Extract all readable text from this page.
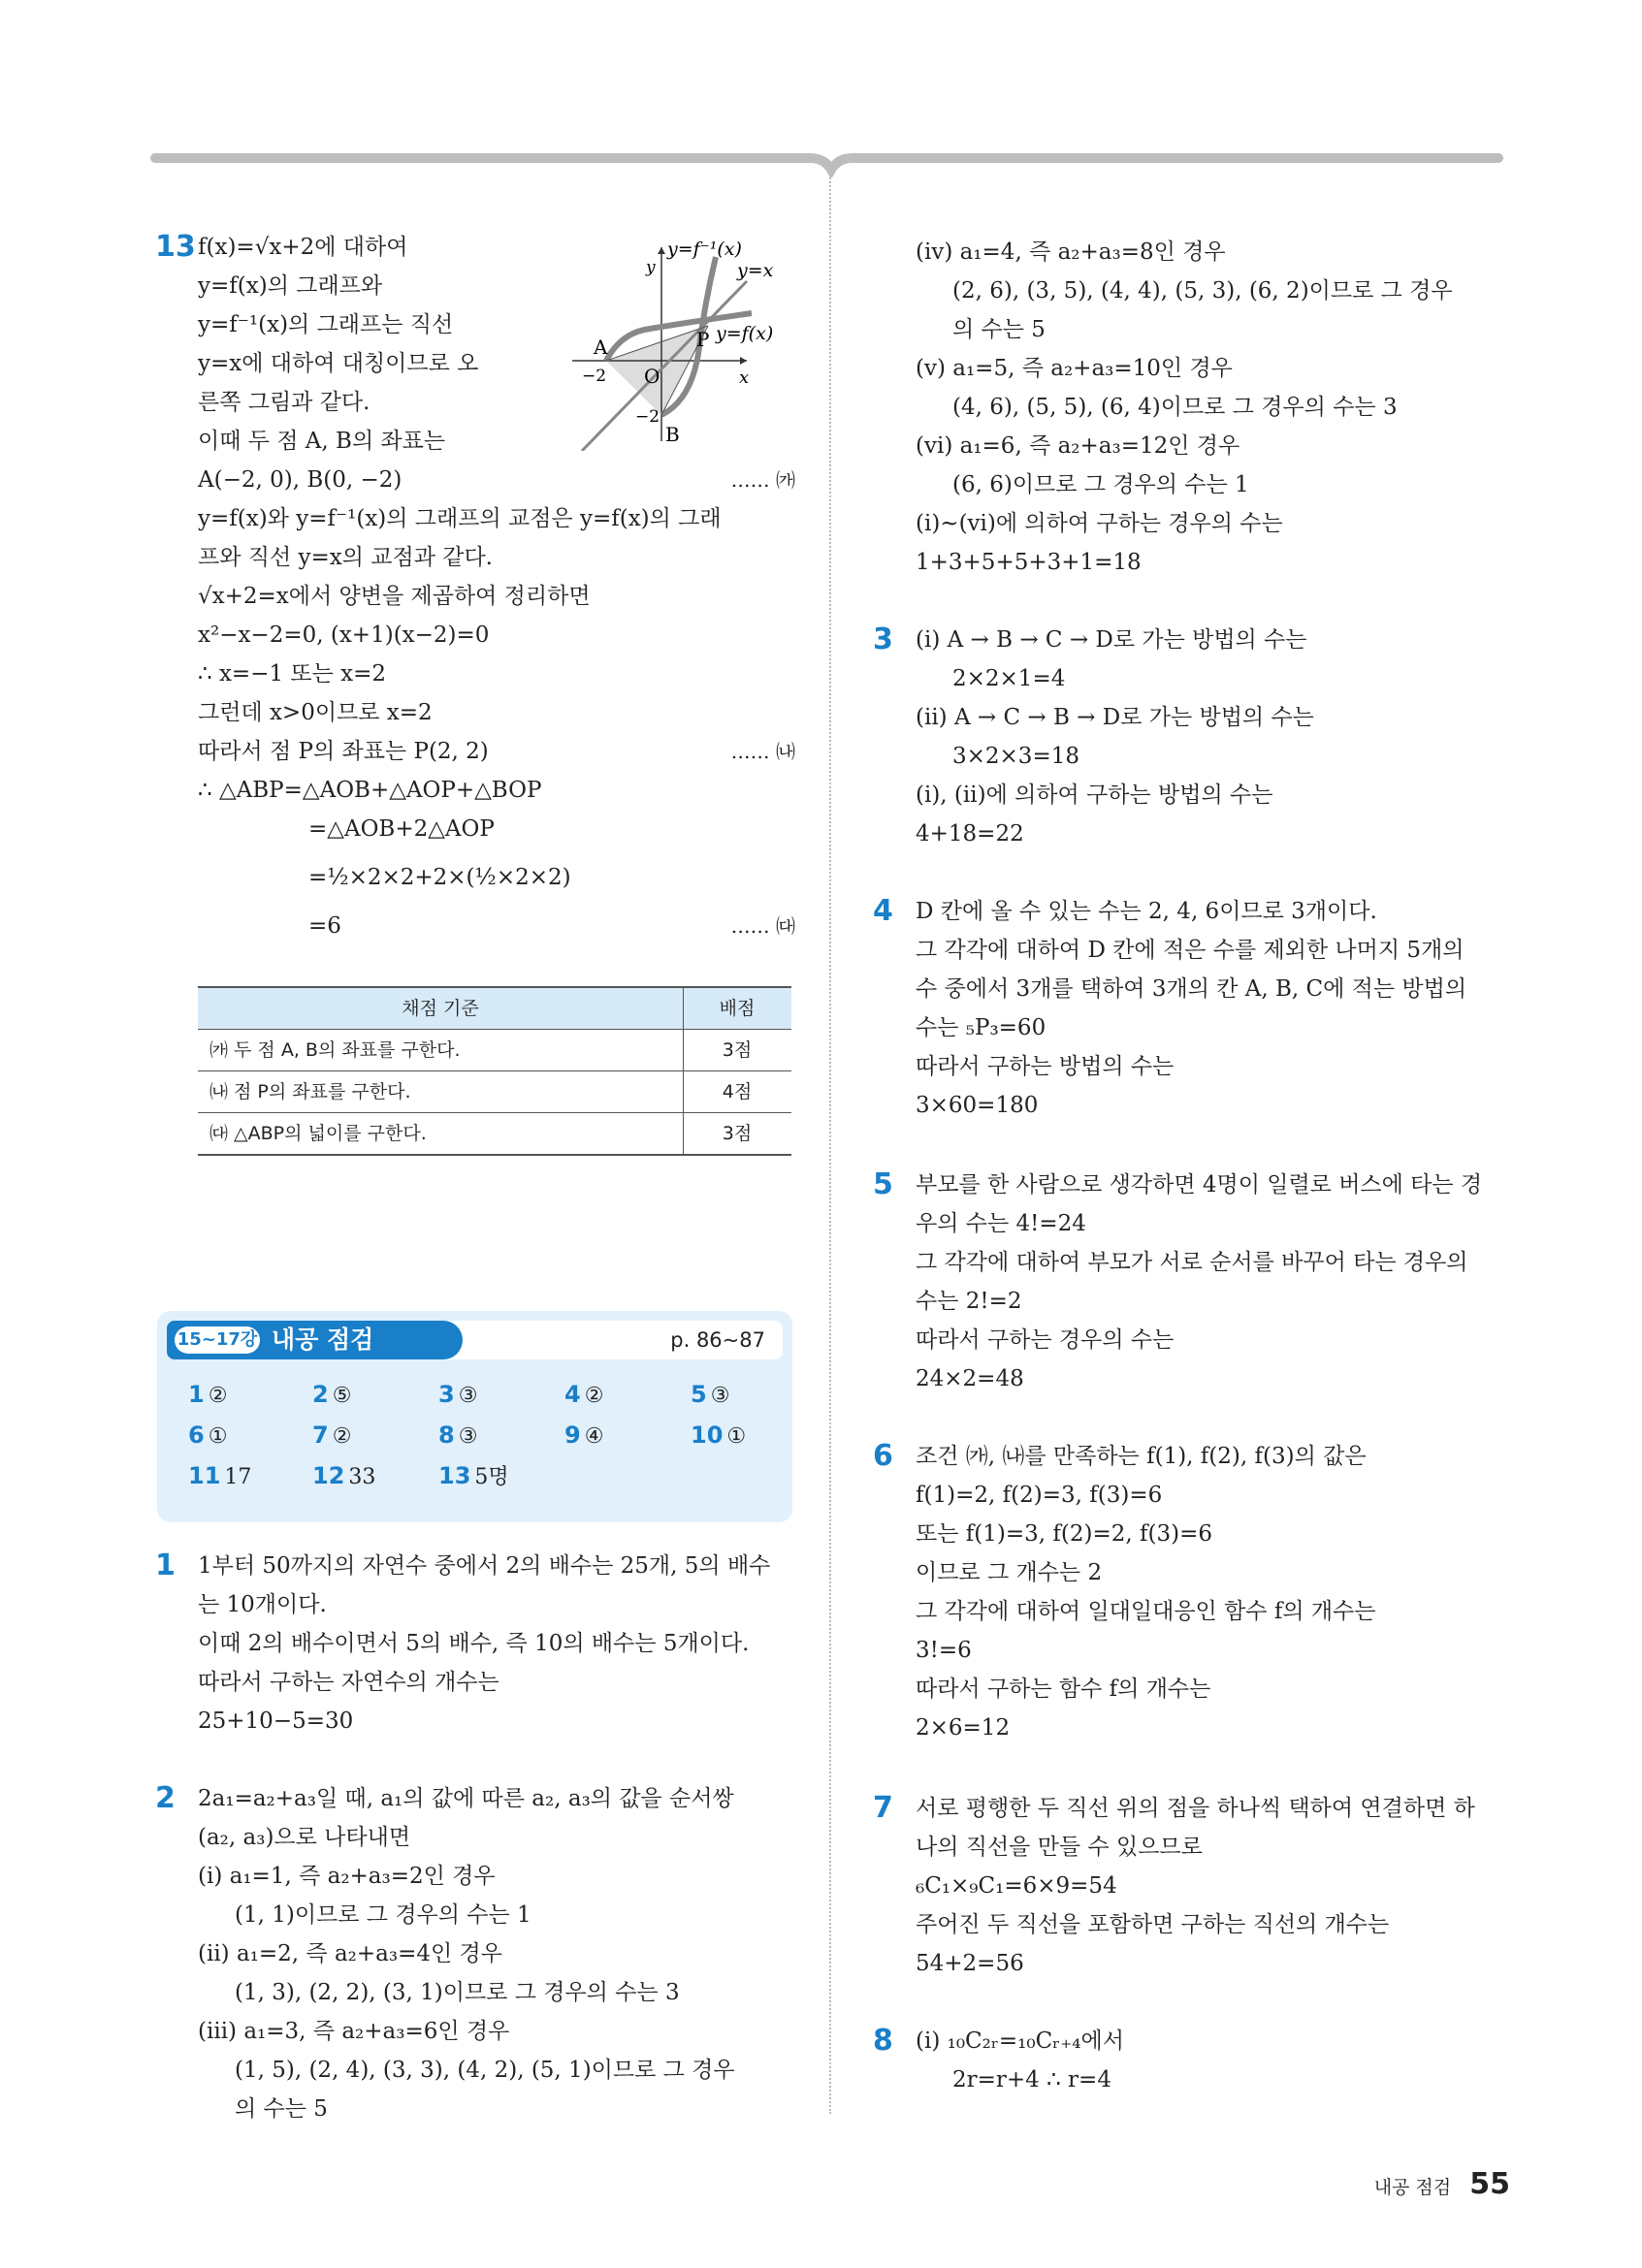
13 f(x)=√x+2에 대하여
y=f(x)의 그래프와
y=f⁻¹(x)의 그래프는 직선
y=x에 대하여 대칭이므로 오
른쪽 그림과 같다.
이때 두 점 A, B의 좌표는
A(−2, 0), B(0, −2)	…… ㈎
y=f(x)와 y=f⁻¹(x)의 그래프의 교점은 y=f(x)의 그래
프와 직선 y=x의 교점과 같다.
√x+2=x에서 양변을 제곱하여 정리하면
x²−x−2=0, (x+1)(x−2)=0
∴ x=−1 또는 x=2
그런데 x>0이므로 x=2
따라서 점 P의 좌표는 P(2, 2)	…… ㈏
∴ △ABP=△AOB+△AOP+△BOP
=△AOB+2△AOP
=½×2×2+2×(½×2×2)
=6	…… ㈐
y=f⁻¹(x)
y=x
y
y=f(x)
P
A
O	x
−2
−2
B
채점 기준	배점
㈎ 두 점 A, B의 좌표를 구한다.	3점
㈏ 점 P의 좌표를 구한다.	4점
㈐ △ABP의 넓이를 구한다.	3점
15~17강 내공 점검	p. 86~87
1 ②	2 ⑤	3 ③	4 ②	5 ③
6 ①	7 ②	8 ③	9 ④	10 ①
11 17	12 33	13 5명
1 1부터 50까지의 자연수 중에서 2의 배수는 25개, 5의 배수
는 10개이다.
이때 2의 배수이면서 5의 배수, 즉 10의 배수는 5개이다.
따라서 구하는 자연수의 개수는
25+10−5=30
2 2a₁=a₂+a₃일 때, a₁의 값에 따른 a₂, a₃의 값을 순서쌍
(a₂, a₃)으로 나타내면
(ⅰ) a₁=1, 즉 a₂+a₃=2인 경우
(1, 1)이므로 그 경우의 수는 1
(ⅱ) a₁=2, 즉 a₂+a₃=4인 경우
(1, 3), (2, 2), (3, 1)이므로 그 경우의 수는 3
(ⅲ) a₁=3, 즉 a₂+a₃=6인 경우
(1, 5), (2, 4), (3, 3), (4, 2), (5, 1)이므로 그 경우
의 수는 5
(ⅳ) a₁=4, 즉 a₂+a₃=8인 경우
(2, 6), (3, 5), (4, 4), (5, 3), (6, 2)이므로 그 경우
의 수는 5
(ⅴ) a₁=5, 즉 a₂+a₃=10인 경우
(4, 6), (5, 5), (6, 4)이므로 그 경우의 수는 3
(ⅵ) a₁=6, 즉 a₂+a₃=12인 경우
(6, 6)이므로 그 경우의 수는 1
(ⅰ)~(ⅵ)에 의하여 구하는 경우의 수는
1+3+5+5+3+1=18
3 (ⅰ) A → B → C → D로 가는 방법의 수는
2×2×1=4
(ⅱ) A → C → B → D로 가는 방법의 수는
3×2×3=18
(ⅰ), (ⅱ)에 의하여 구하는 방법의 수는
4+18=22
4 D 칸에 올 수 있는 수는 2, 4, 6이므로 3개이다.
그 각각에 대하여 D 칸에 적은 수를 제외한 나머지 5개의
수 중에서 3개를 택하여 3개의 칸 A, B, C에 적는 방법의
수는 ₅P₃=60
따라서 구하는 방법의 수는
3×60=180
5 부모를 한 사람으로 생각하면 4명이 일렬로 버스에 타는 경
우의 수는 4!=24
그 각각에 대하여 부모가 서로 순서를 바꾸어 타는 경우의
수는 2!=2
따라서 구하는 경우의 수는
24×2=48
6 조건 ㈎, ㈏를 만족하는 f(1), f(2), f(3)의 값은
f(1)=2, f(2)=3, f(3)=6
또는 f(1)=3, f(2)=2, f(3)=6
이므로 그 개수는 2
그 각각에 대하여 일대일대응인 함수 f의 개수는
3!=6
따라서 구하는 함수 f의 개수는
2×6=12
7 서로 평행한 두 직선 위의 점을 하나씩 택하여 연결하면 하
나의 직선을 만들 수 있으므로
₆C₁×₉C₁=6×9=54
주어진 두 직선을 포함하면 구하는 직선의 개수는
54+2=56
8 (ⅰ) ₁₀C₂ᵣ=₁₀Cᵣ₊₄에서
2r=r+4 ∴ r=4
내공 점검 55
